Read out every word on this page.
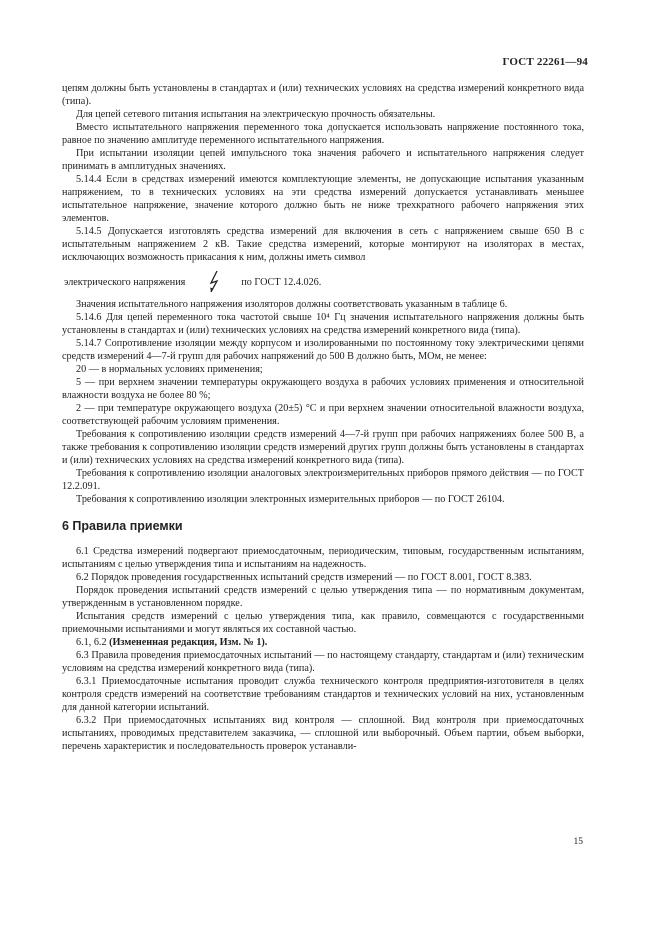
ГОСТ 22261—94

цепям должны быть установлены в стандартах и (или) технических условиях на средства измерений конкретного вида (типа).

Для цепей сетевого питания испытания на электрическую прочность обязательны.

Вместо испытательного напряжения переменного тока допускается использовать напряжение постоянного тока, равное по значению амплитуде переменного испытательного напряжения.

При испытании изоляции цепей импульсного тока значения рабочего и испытательного напряжения следует принимать в амплитудных значениях.

5.14.4 Если в средствах измерений имеются комплектующие элементы, не допускающие испытания указанным напряжением, то в технических условиях на эти средства измерений допускается устанавливать меньшее испытательное напряжение, значение которого должно быть не ниже трехкратного рабочего напряжения этих элементов.

5.14.5 Допускается изготовлять средства измерений для включения в сеть с напряжением свыше 650 В с испытательным напряжением 2 кВ. Такие средства измерений, которые монтируют на изоляторах в местах, исключающих возможность прикасания к ним, должны иметь символ

электрического напряжения	по ГОСТ 12.4.026.

Значения испытательного напряжения изоляторов должны соответствовать указанным в таблице 6.

5.14.6 Для цепей переменного тока частотой свыше 10⁴ Гц значения испытательного напряжения должны быть установлены в стандартах и (или) технических условиях на средства измерений конкретного вида (типа).

5.14.7 Сопротивление изоляции между корпусом и изолированными по постоянному току электрическими цепями средств измерений 4—7-й групп для рабочих напряжений до 500 В должно быть, МОм, не менее:

20 — в нормальных условиях применения;

5 — при верхнем значении температуры окружающего воздуха в рабочих условиях применения и относительной влажности воздуха не более 80 %;

2 — при температуре окружающего воздуха (20±5) °С и при верхнем значении относительной влажности воздуха, соответствующей рабочим условиям применения.

Требования к сопротивлению изоляции средств измерений 4—7-й групп при рабочих напряжениях более 500 В, а также требования к сопротивлению изоляции средств измерений других групп должны быть установлены в стандартах и (или) технических условиях на средства измерений конкретного вида (типа).

Требования к сопротивлению изоляции аналоговых электроизмерительных приборов прямого действия — по ГОСТ 12.2.091.

Требования к сопротивлению изоляции электронных измерительных приборов — по ГОСТ 26104.

6 Правила приемки

6.1 Средства измерений подвергают приемосдаточным, периодическим, типовым, государственным испытаниям, испытаниям с целью утверждения типа и испытаниям на надежность.

6.2 Порядок проведения государственных испытаний средств измерений — по ГОСТ 8.001, ГОСТ 8.383.

Порядок проведения испытаний средств измерений с целью утверждения типа — по нормативным документам, утвержденным в установленном порядке.

Испытания средств измерений с целью утверждения типа, как правило, совмещаются с государственными приемочными испытаниями и могут являться их составной частью.

6.1, 6.2 (Измененная редакция, Изм. № 1).

6.3 Правила проведения приемосдаточных испытаний — по настоящему стандарту, стандартам и (или) техническим условиям на средства измерений конкретного вида (типа).

6.3.1 Приемосдаточные испытания проводит служба технического контроля предприятия-изготовителя в целях контроля средств измерений на соответствие требованиям стандартов и технических условий на них, установленным для данной категории испытаний.

6.3.2 При приемосдаточных испытаниях вид контроля — сплошной. Вид контроля при приемосдаточных испытаниях, проводимых представителем заказчика, — сплошной или выборочный. Объем партии, объем выборки, перечень характеристик и последовательность проверок устанавли-

15
